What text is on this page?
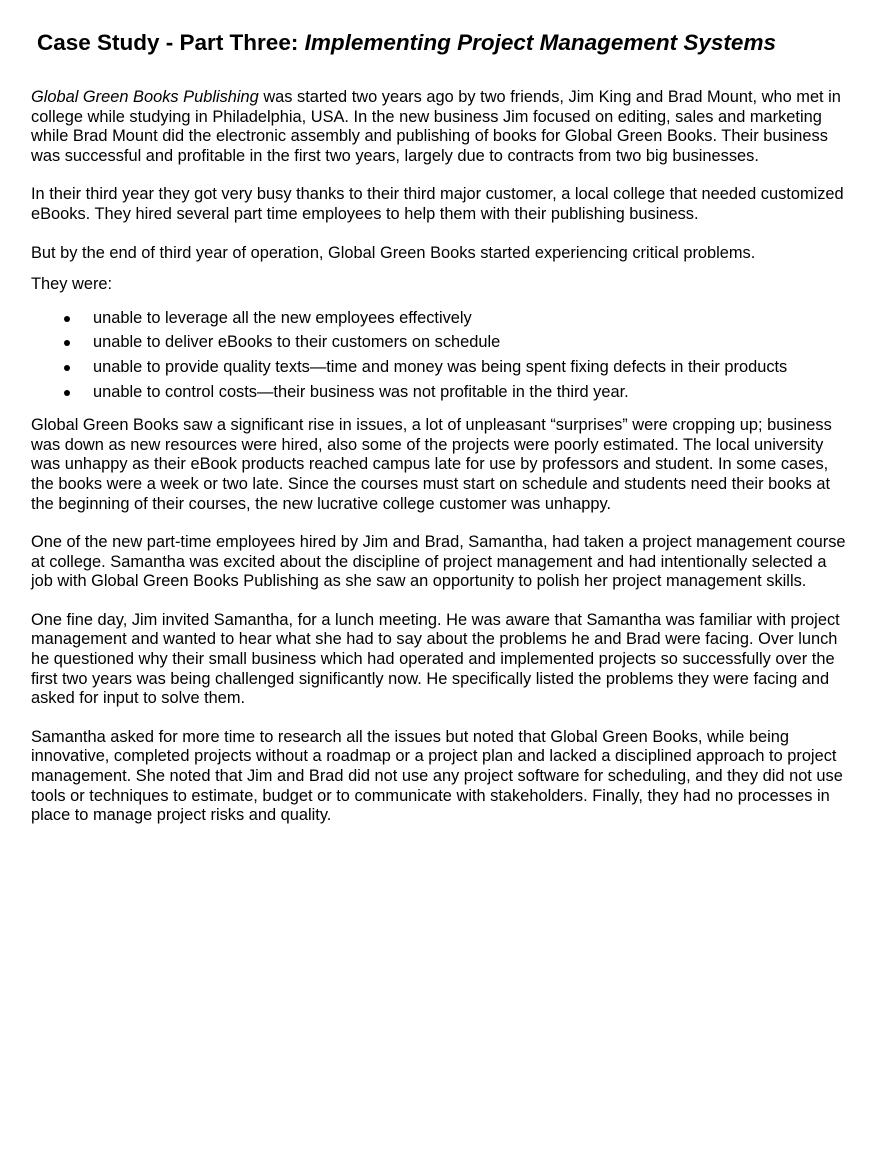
Case Study - Part Three: Implementing Project Management Systems

Global Green Books Publishing was started two years ago by two friends, Jim King and Brad Mount, who met in college while studying in Philadelphia, USA. In the new business Jim focused on editing, sales and marketing while Brad Mount did the electronic assembly and publishing of books for Global Green Books. Their business was successful and profitable in the first two years, largely due to contracts from two big businesses.

In their third year they got very busy thanks to their third major customer, a local college that needed customized eBooks. They hired several part time employees to help them with their publishing business.

But by the end of third year of operation, Global Green Books started experiencing critical problems.

They were:

unable to leverage all the new employees effectively
unable to deliver eBooks to their customers on schedule
unable to provide quality texts—time and money was being spent fixing defects in their products
unable to control costs—their business was not profitable in the third year.

Global Green Books saw a significant rise in issues, a lot of unpleasant “surprises” were cropping up; business was down as new resources were hired, also some of the projects were poorly estimated. The local university was unhappy as their eBook products reached campus late for use by professors and student. In some cases, the books were a week or two late. Since the courses must start on schedule and students need their books at the beginning of their courses, the new lucrative college customer was unhappy.

One of the new part-time employees hired by Jim and Brad, Samantha, had taken a project management course at college. Samantha was excited about the discipline of project management and had intentionally selected a job with Global Green Books Publishing as she saw an opportunity to polish her project management skills.

One fine day, Jim invited Samantha, for a lunch meeting. He was aware that Samantha was familiar with project management and wanted to hear what she had to say about the problems he and Brad were facing. Over lunch he questioned why their small business which had operated and implemented projects so successfully over the first two years was being challenged significantly now. He specifically listed the problems they were facing and asked for input to solve them.

Samantha asked for more time to research all the issues but noted that Global Green Books, while being innovative, completed projects without a roadmap or a project plan and lacked a disciplined approach to project management. She noted that Jim and Brad did not use any project software for scheduling, and they did not use tools or techniques to estimate, budget or to communicate with stakeholders. Finally, they had no processes in place to manage project risks and quality.
